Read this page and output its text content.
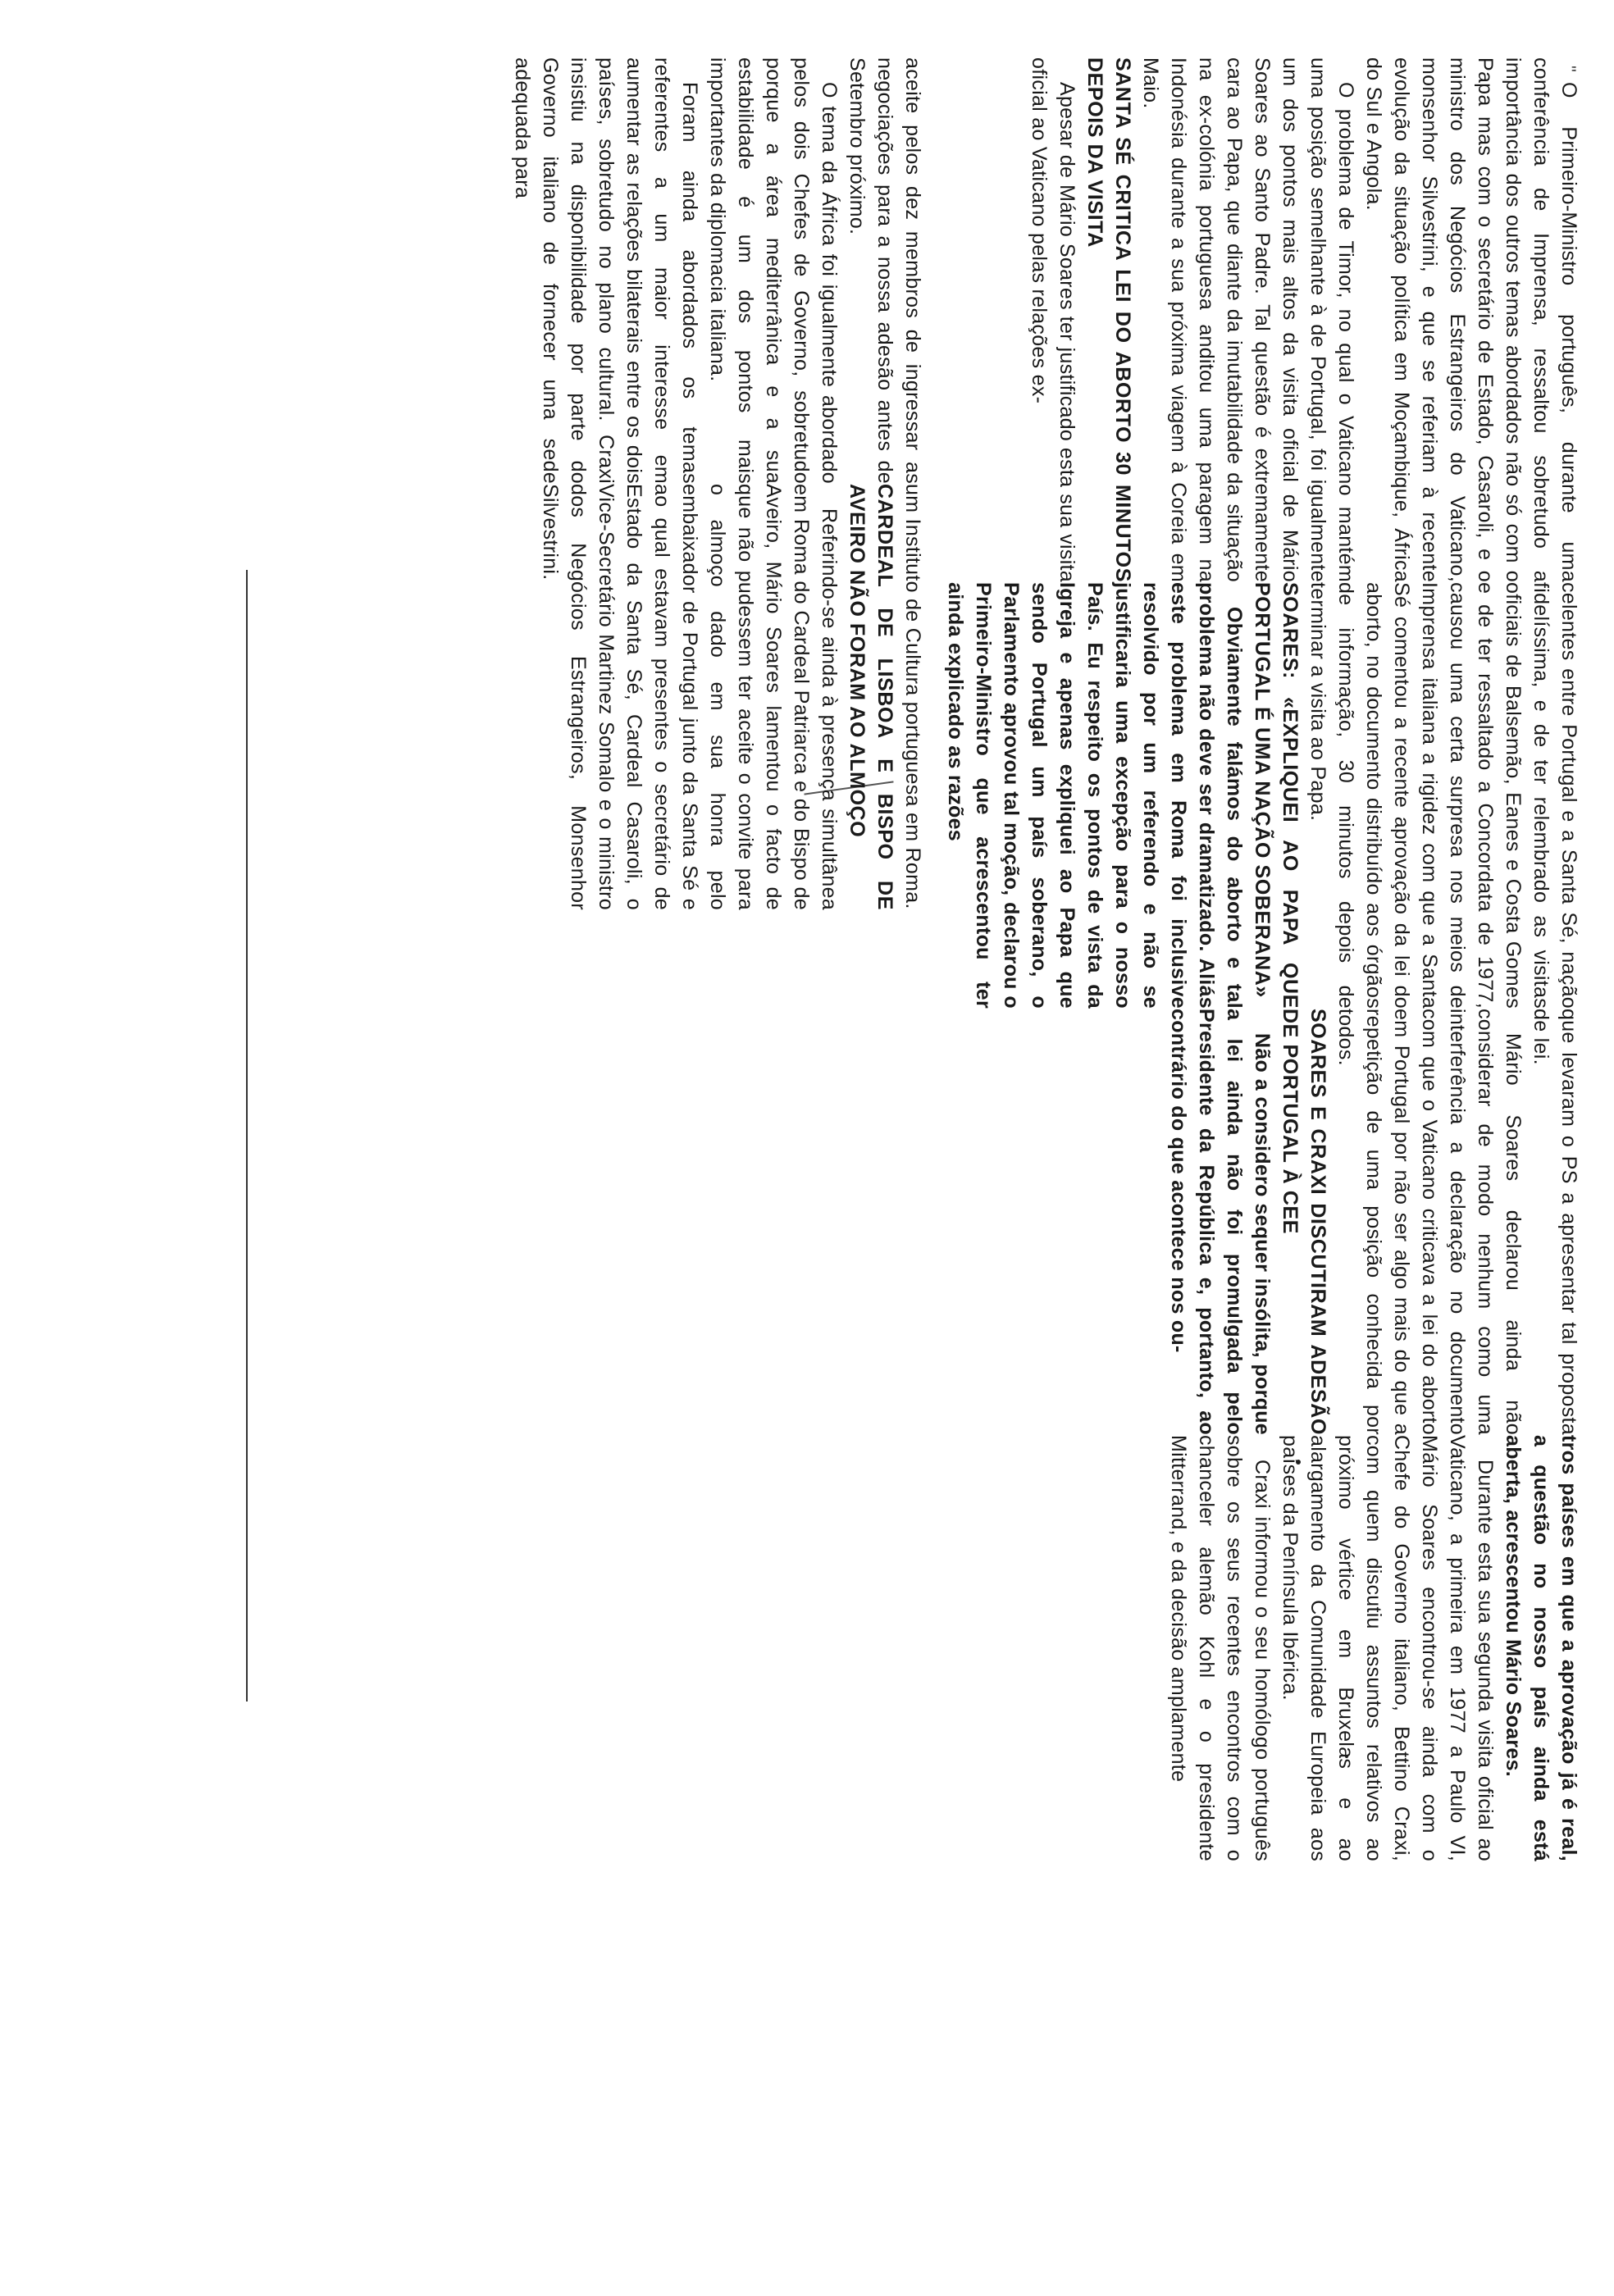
"

O Primeiro-Ministro português, durante uma conferência de Imprensa, ressaltou sobretudo a importância dos outros temas abordados não só com o Papa mas com o secretário de Estado, Casaroli, e o ministro dos Negócios Estrangeiros do Vaticano, monsenhor Silvestrini, e que se referiam à recente evolução da situação política em Moçambique, África do Sul e Angola.

O problema de Timor, no qual o Vaticano mantém uma posição semelhante à de Portugal, foi igualmente um dos pontos mais altos da visita oficial de Mário Soares ao Santo Padre. Tal questão é extremamente cara ao Papa, que diante da imutabilidade da situação na ex-colónia portuguesa anditou uma paragem na Indonésia durante a sua próxima viagem à Coreia em Maio.

SANTA SÉ CRITICA LEI DO ABORTO 30 MINUTOS DEPOIS DA VISITA

Apesar de Mário Soares ter justificado esta sua visita oficial ao Vaticano pelas relações ex-

celentes entre Portugal e a Santa Sé, nação fidelíssima, e de ter relembrado as visitas oficiais de Balsemão, Eanes e Costa Gomes e de ter ressaltado a Concordata de 1977, causou uma certa surpresa nos meios de Imprensa italiana a rigidez com que a Santa Sé comentou a recente aprovação da lei do aborto, no documento distribuído aos órgãos de informação, 30 minutos depois de terminar a visita ao Papa.

SOARES: «EXPLIQUEI AO PAPA QUE PORTUGAL É UMA NAÇÃO SOBERANA»

Obviamente falámos do aborto e tal problema não deve ser dramatizado. Aliás este problema em Roma foi inclusive resolvido por um referendo e não se justificaria uma excepção para o nosso País. Eu respeito os pontos de vista da Igreja e apenas expliquei ao Papa que sendo Portugal um país soberano, o Parlamento aprovou tal moção, declarou o Primeiro-Ministro que acrescentou ter ainda explicado as razões

que levaram o PS a apresentar tal proposta de lei.

Mário Soares declarou ainda não considerar de modo nenhum como uma interferência a declaração no documento com que o Vaticano criticava a lei do aborto em Portugal por não ser algo mais do que a repetição de uma posição conhecida por todos.

SOARES E CRAXI DISCUTIRAM ADESÃO DE PORTUGAL À CEE

Não a considero sequer insólita, porque a lei ainda não foi promulgada pelo Presidente da República e, portanto, ao contrário do que acontece nos ou-

tros países em que a aprovação já é real, a questão no nosso país ainda está aberta, acrescentou Mário Soares.

Durante esta sua segunda visita oficial ao Vaticano, a primeira em 1977 a Paulo VI, Mário Soares encontrou-se ainda com o Chefe do Governo italiano, Bettino Craxi, com quem discutiu assuntos relativos ao próximo vértice em Bruxelas e ao alargamento da Comunidade Europeia aos países da Península Ibérica.

Craxi informou o seu homólogo português sobre os seus recentes encontros com o chanceler alemão Kohl e o presidente Mitterrand, e da decisão amplamente

aceite pelos dez membros de ingressar as negociações para a nossa adesão antes de Setembro próximo.

O tema da África foi igualmente abordado pelos dois Chefes de Governo, sobretudo porque a área mediterrânica e a sua estabilidade é um dos pontos mais importantes da diplomacia italiana.

Foram ainda abordados os temas referentes a um maior interesse em aumentar as relações bilaterais entre os dois países, sobretudo no plano cultural. Craxi insistiu na disponibilidade por parte do Governo italiano de fornecer uma sede adequada para

um Instituto de Cultura portuguesa em Roma.

CARDEAL DE LISBOA E BISPO DE AVEIRO NÃO FORAM AO ALMOÇO

Referindo-se ainda à presença simultânea em Roma do Cardeal Patriarca e do Bispo de Aveiro, Mário Soares lamentou o facto de que não pudessem ter aceite o convite para o almoço dado em sua honra pelo embaixador de Portugal junto da Santa Sé e ao qual estavam presentes o secretário de Estado da Santa Sé, Cardeal Casaroli, o Vice-Secretário Martinez Somalo e o ministro dos Negócios Estrangeiros, Monsenhor Silvestrini.
